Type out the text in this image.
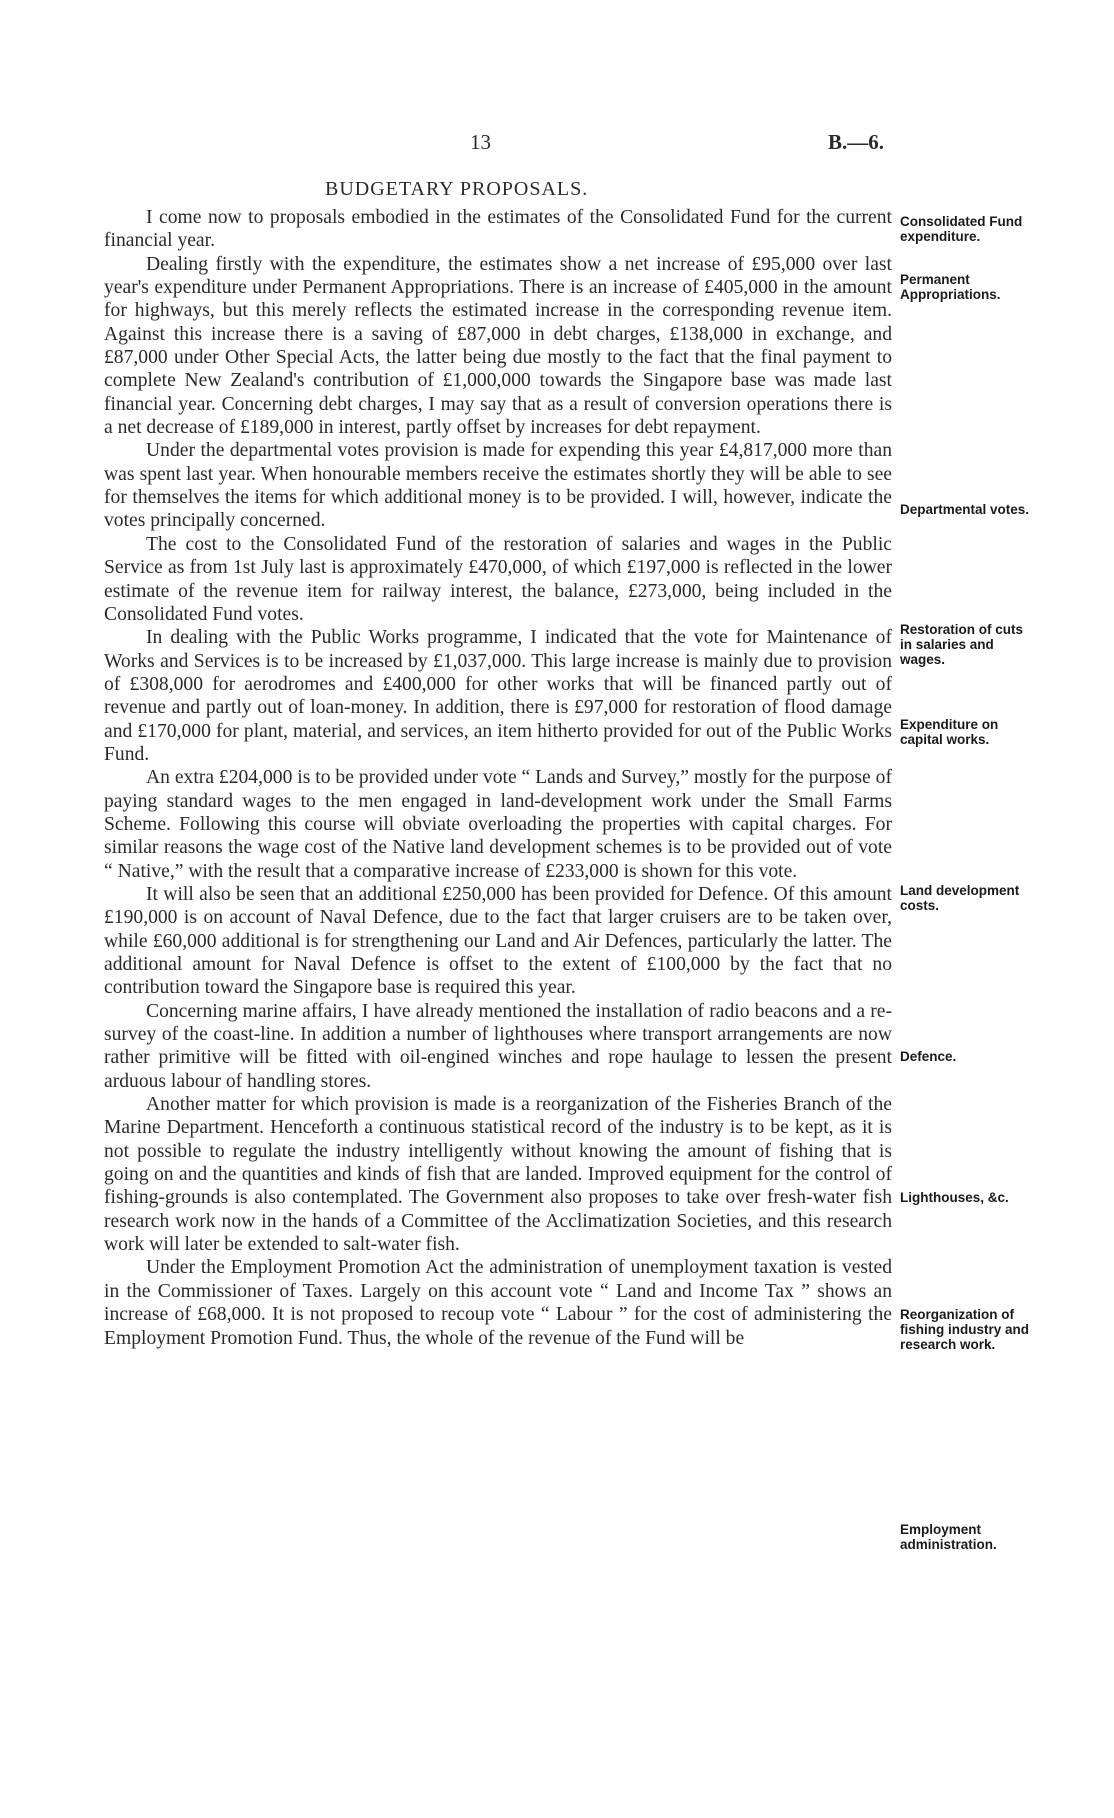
13	B.—6.
BUDGETARY PROPOSALS.

I come now to proposals embodied in the estimates of the Consolidated Fund for the current financial year.

Dealing firstly with the expenditure, the estimates show a net increase of £95,000 over last year's expenditure under Permanent Appropriations. There is an increase of £405,000 in the amount for highways, but this merely reflects the estimated increase in the corresponding revenue item. Against this increase there is a saving of £87,000 in debt charges, £138,000 in exchange, and £87,000 under Other Special Acts, the latter being due mostly to the fact that the final payment to complete New Zealand's contribution of £1,000,000 towards the Singapore base was made last financial year. Concerning debt charges, I may say that as a result of conversion operations there is a net decrease of £189,000 in interest, partly offset by increases for debt repayment.

Under the departmental votes provision is made for expending this year £4,817,000 more than was spent last year. When honourable members receive the estimates shortly they will be able to see for themselves the items for which additional money is to be provided. I will, however, indicate the votes principally concerned.

The cost to the Consolidated Fund of the restoration of salaries and wages in the Public Service as from 1st July last is approximately £470,000, of which £197,000 is reflected in the lower estimate of the revenue item for railway interest, the balance, £273,000, being included in the Consolidated Fund votes.

In dealing with the Public Works programme, I indicated that the vote for Maintenance of Works and Services is to be increased by £1,037,000. This large increase is mainly due to provision of £308,000 for aerodromes and £400,000 for other works that will be financed partly out of revenue and partly out of loan-money. In addition, there is £97,000 for restoration of flood damage and £170,000 for plant, material, and services, an item hitherto provided for out of the Public Works Fund.

An extra £204,000 is to be provided under vote “ Lands and Survey,” mostly for the purpose of paying standard wages to the men engaged in land-development work under the Small Farms Scheme. Following this course will obviate overloading the properties with capital charges. For similar reasons the wage cost of the Native land development schemes is to be provided out of vote “ Native,” with the result that a comparative increase of £233,000 is shown for this vote.

It will also be seen that an additional £250,000 has been provided for Defence. Of this amount £190,000 is on account of Naval Defence, due to the fact that larger cruisers are to be taken over, while £60,000 additional is for strengthening our Land and Air Defences, particularly the latter. The additional amount for Naval Defence is offset to the extent of £100,000 by the fact that no contribution toward the Singapore base is required this year.

Concerning marine affairs, I have already mentioned the installation of radio beacons and a re-survey of the coast-line. In addition a number of lighthouses where transport arrangements are now rather primitive will be fitted with oil-engined winches and rope haulage to lessen the present arduous labour of handling stores.

Another matter for which provision is made is a reorganization of the Fisheries Branch of the Marine Department. Henceforth a continuous statistical record of the industry is to be kept, as it is not possible to regulate the industry intelligently without knowing the amount of fishing that is going on and the quantities and kinds of fish that are landed. Improved equipment for the control of fishing-grounds is also contemplated. The Government also proposes to take over fresh-water fish research work now in the hands of a Committee of the Acclimatization Societies, and this research work will later be extended to salt-water fish.

Under the Employment Promotion Act the administration of unemployment taxation is vested in the Commissioner of Taxes. Largely on this account vote “ Land and Income Tax ” shows an increase of £68,000. It is not proposed to recoup vote “ Labour ” for the cost of administering the Employment Promotion Fund. Thus, the whole of the revenue of the Fund will be

Consolidated Fund expenditure.
Permanent Appropriations.
Departmental votes.
Restoration of cuts in salaries and wages.
Expenditure on capital works.
Land development costs.
Defence.
Lighthouses, &c.
Reorganization of fishing industry and research work.
Employment administration.
